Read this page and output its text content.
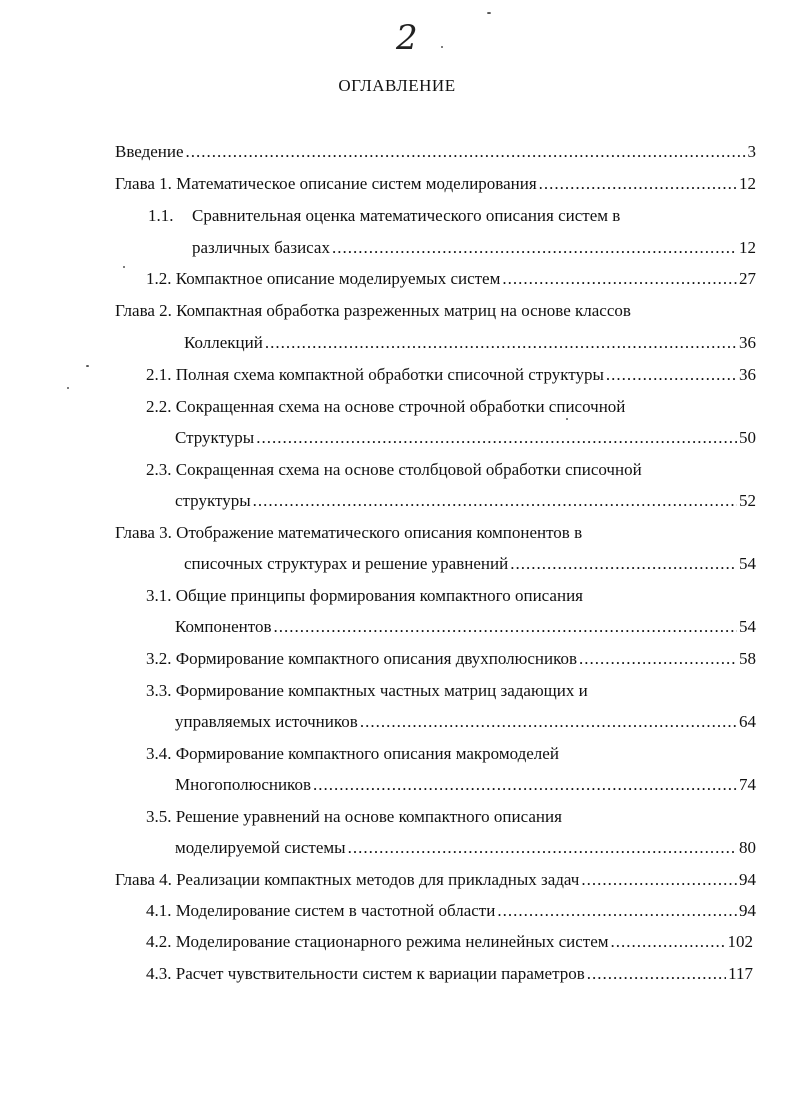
2
ОГЛАВЛЕНИЕ
Введение .....	3
Глава 1. Математическое описание систем моделирования .....	12
1.1. Сравнительная оценка математического описания систем в
различных базисах .....	12
1.2. Компактное описание моделируемых систем .....	27
Глава 2. Компактная обработка разреженных матриц на основе классов
Коллекций .....	36
2.1. Полная схема компактной обработки списочной структуры .....	36
2.2. Сокращенная схема на основе строчной обработки списочной
Структуры .....	50
2.3. Сокращенная схема на основе столбцовой обработки списочной
структуры .....	52
Глава 3. Отображение математического описания компонентов в
списочных структурах и решение уравнений .....	54
3.1. Общие принципы формирования компактного описания
Компонентов .....	54
3.2. Формирование компактного описания двухполюсников .....	58
3.3. Формирование компактных частных матриц задающих и
управляемых источников .....	64
3.4. Формирование компактного описания макромоделей
Многополюсников .....	74
3.5. Решение уравнений на основе компактного описания
моделируемой системы .....	80
Глава 4. Реализации компактных методов для прикладных задач .....	94
4.1. Моделирование систем в частотной области .....	94
4.2. Моделирование стационарного режима нелинейных систем .....	102
4.3. Расчет чувствительности систем к вариации параметров .....	117
